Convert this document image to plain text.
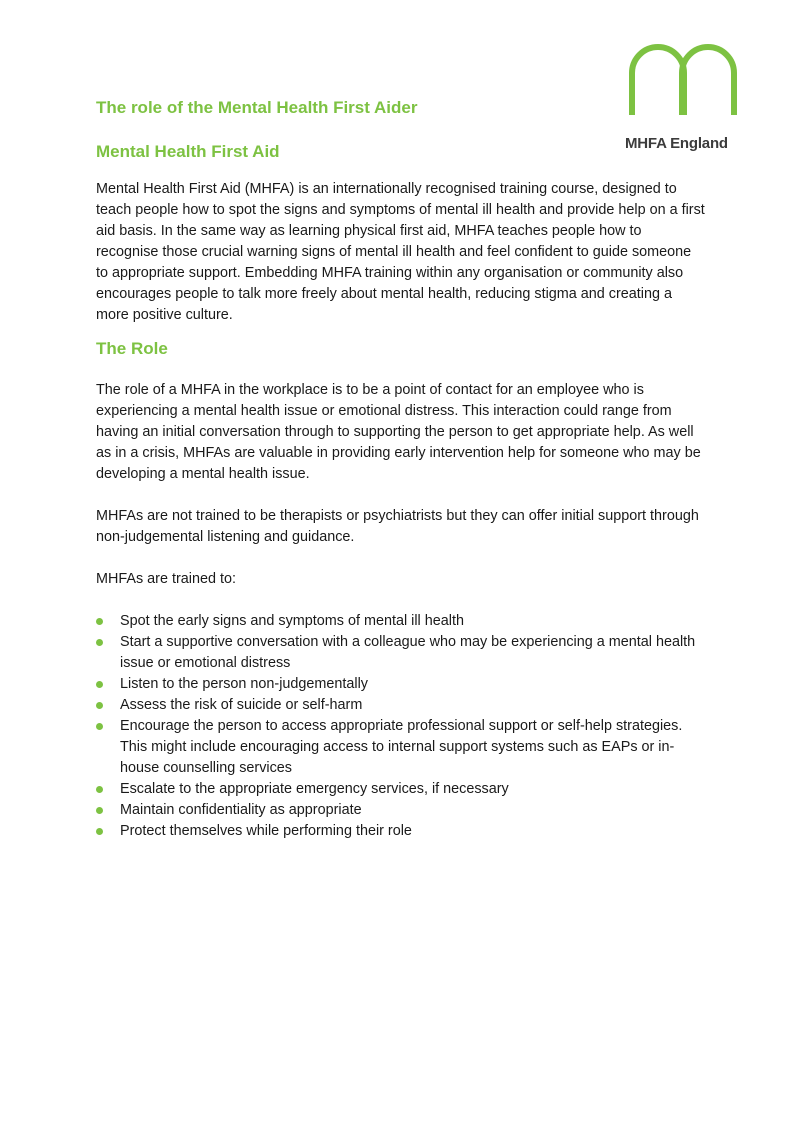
MHFA England
The role of the Mental Health First Aider
Mental Health First Aid

Mental Health First Aid (MHFA) is an internationally recognised training course, designed to teach people how to spot the signs and symptoms of mental ill health and provide help on a first aid basis. In the same way as learning physical first aid, MHFA teaches people how to recognise those crucial warning signs of mental ill health and feel confident to guide someone to appropriate support. Embedding MHFA training within any organisation or community also encourages people to talk more freely about mental health, reducing stigma and creating a more positive culture.

The Role

The role of a MHFA in the workplace is to be a point of contact for an employee who is experiencing a mental health issue or emotional distress. This interaction could range from having an initial conversation through to supporting the person to get appropriate help. As well as in a crisis, MHFAs are valuable in providing early intervention help for someone who may be developing a mental health issue.

MHFAs are not trained to be therapists or psychiatrists but they can offer initial support through non-judgemental listening and guidance.

MHFAs are trained to:

Spot the early signs and symptoms of mental ill health
Start a supportive conversation with a colleague who may be experiencing a mental health issue or emotional distress
Listen to the person non-judgementally
Assess the risk of suicide or self-harm
Encourage the person to access appropriate professional support or self-help strategies. This might include encouraging access to internal support systems such as EAPs or in-house counselling services
Escalate to the appropriate emergency services, if necessary
Maintain confidentiality as appropriate
Protect themselves while performing their role
